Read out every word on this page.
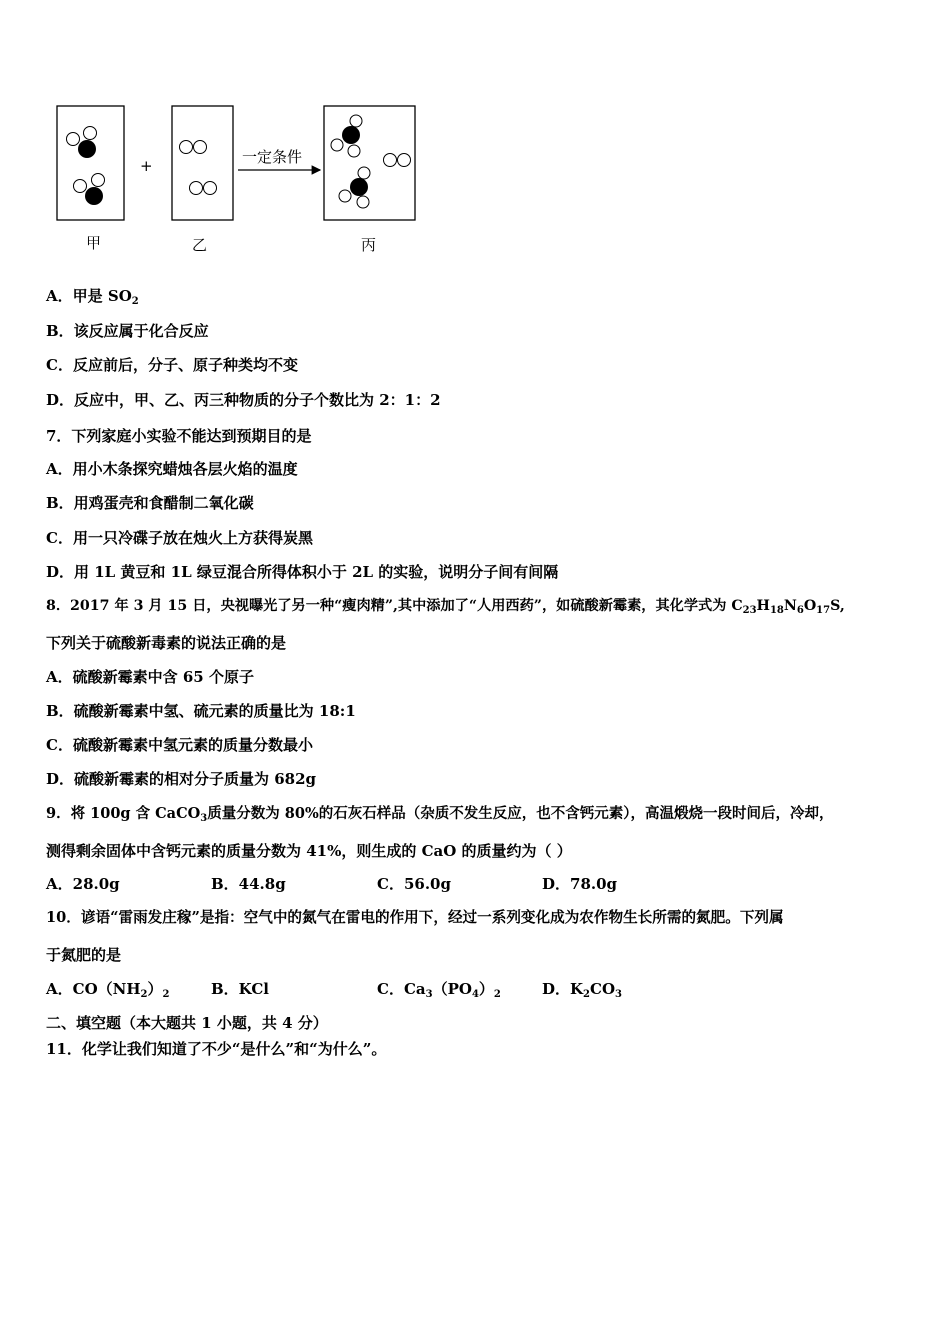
+	一定条件
甲	乙	丙
A．甲是 $SO_2$
B．该反应属于化合反应
C．反应前后，分子、原子种类均不变
D．反应中，甲、乙、丙三种物质的分子个数比为 2：1：2
7．下列家庭小实验不能达到预期目的是
A．用小木条探究蜡烛各层火焰的温度
B．用鸡蛋壳和食醋制二氧化碳
C．用一只冷碟子放在烛火上方获得炭黑
D．用 1L 黄豆和 1L 绿豆混合所得体积小于 2L 的实验，说明分子间有间隔
8．2017 年 3 月 15 日，央视曝光了另一种“瘦肉精”,其中添加了“人用西药”，如硫酸新霉素，其化学式为 $C_{23}H_{18}N_6O_{17}S$,
下列关于硫酸新毒素的说法正确的是
A．硫酸新霉素中含 65 个原子
B．硫酸新霉素中氢、硫元素的质量比为 18:1
C．硫酸新霉素中氢元素的质量分数最小
D．硫酸新霉素的相对分子质量为 682g
9．将 100g 含 CaCO$_3$质量分数为 80%的石灰石样品（杂质不发生反应，也不含钙元素），高温煅烧一段时间后，冷却，
测得剩余固体中含钙元素的质量分数为 41%，则生成的 CaO 的质量约为（ ）
A．28.0g	B．44.8g	C．56.0g	D．78.0g
10．谚语“雷雨发庄稼”是指：空气中的氮气在雷电的作用下，经过一系列变化成为农作物生长所需的氮肥。下列属
于氮肥的是
A．$CO(NH_2)_2$	B．KCl	C．$Ca_3(PO_4)_2$	D．$K_2CO_3$
二、填空题（本大题共 1 小题，共 4 分）
11．化学让我们知道了不少“是什么”和“为什么”。
